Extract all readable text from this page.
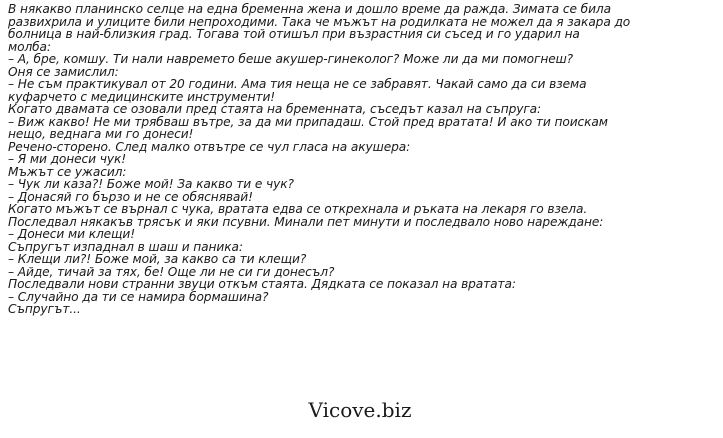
В някакво планинско селце на една бременна жена и дошло време да ражда. Зимата се била
развихрила и улиците били непроходими. Така че мъжът на родилката не можел да я закара до
болница в най-близкия град. Тогава той отишъл при възрастния си съсед и го ударил на
молба:
– А, бре, комшу. Ти нали навремето беше акушер-гинеколог? Може ли да ми помогнеш?
Оня се замислил:
– Не съм практикувал от 20 години. Ама тия неща не се забравят. Чакай само да си взема
куфарчето с медицинските инструменти!
Когато двамата се озовали пред стаята на бременната, съседът казал на съпруга:
– Виж какво! Не ми трябваш вътре, за да ми припадаш. Стой пред вратата! И ако ти поискам
нещо, веднага ми го донеси!
Речено-сторено. След малко отвътре се чул гласа на акушера:
– Я ми донеси чук!
Мъжът се ужасил:
– Чук ли каза?! Боже мой! За какво ти е чук?
– Донасяй го бързо и не се обяснявай!
Когато мъжът се върнал с чука, вратата едва се открехнала и ръката на лекаря го взела.
Последвал някакъв трясък и яки псувни. Минали пет минути и последвало ново нареждане:
– Донеси ми клещи!
Съпругът изпаднал в шаш и паника:
– Клещи ли?! Боже мой, за какво са ти клещи?
– Айде, тичай за тях, бе! Още ли не си ги донесъл?
Последвали нови странни звуци откъм стаята. Дядката се показал на вратата:
– Случайно да ти се намира бормашина?
Съпругът...
Vicove.biz
